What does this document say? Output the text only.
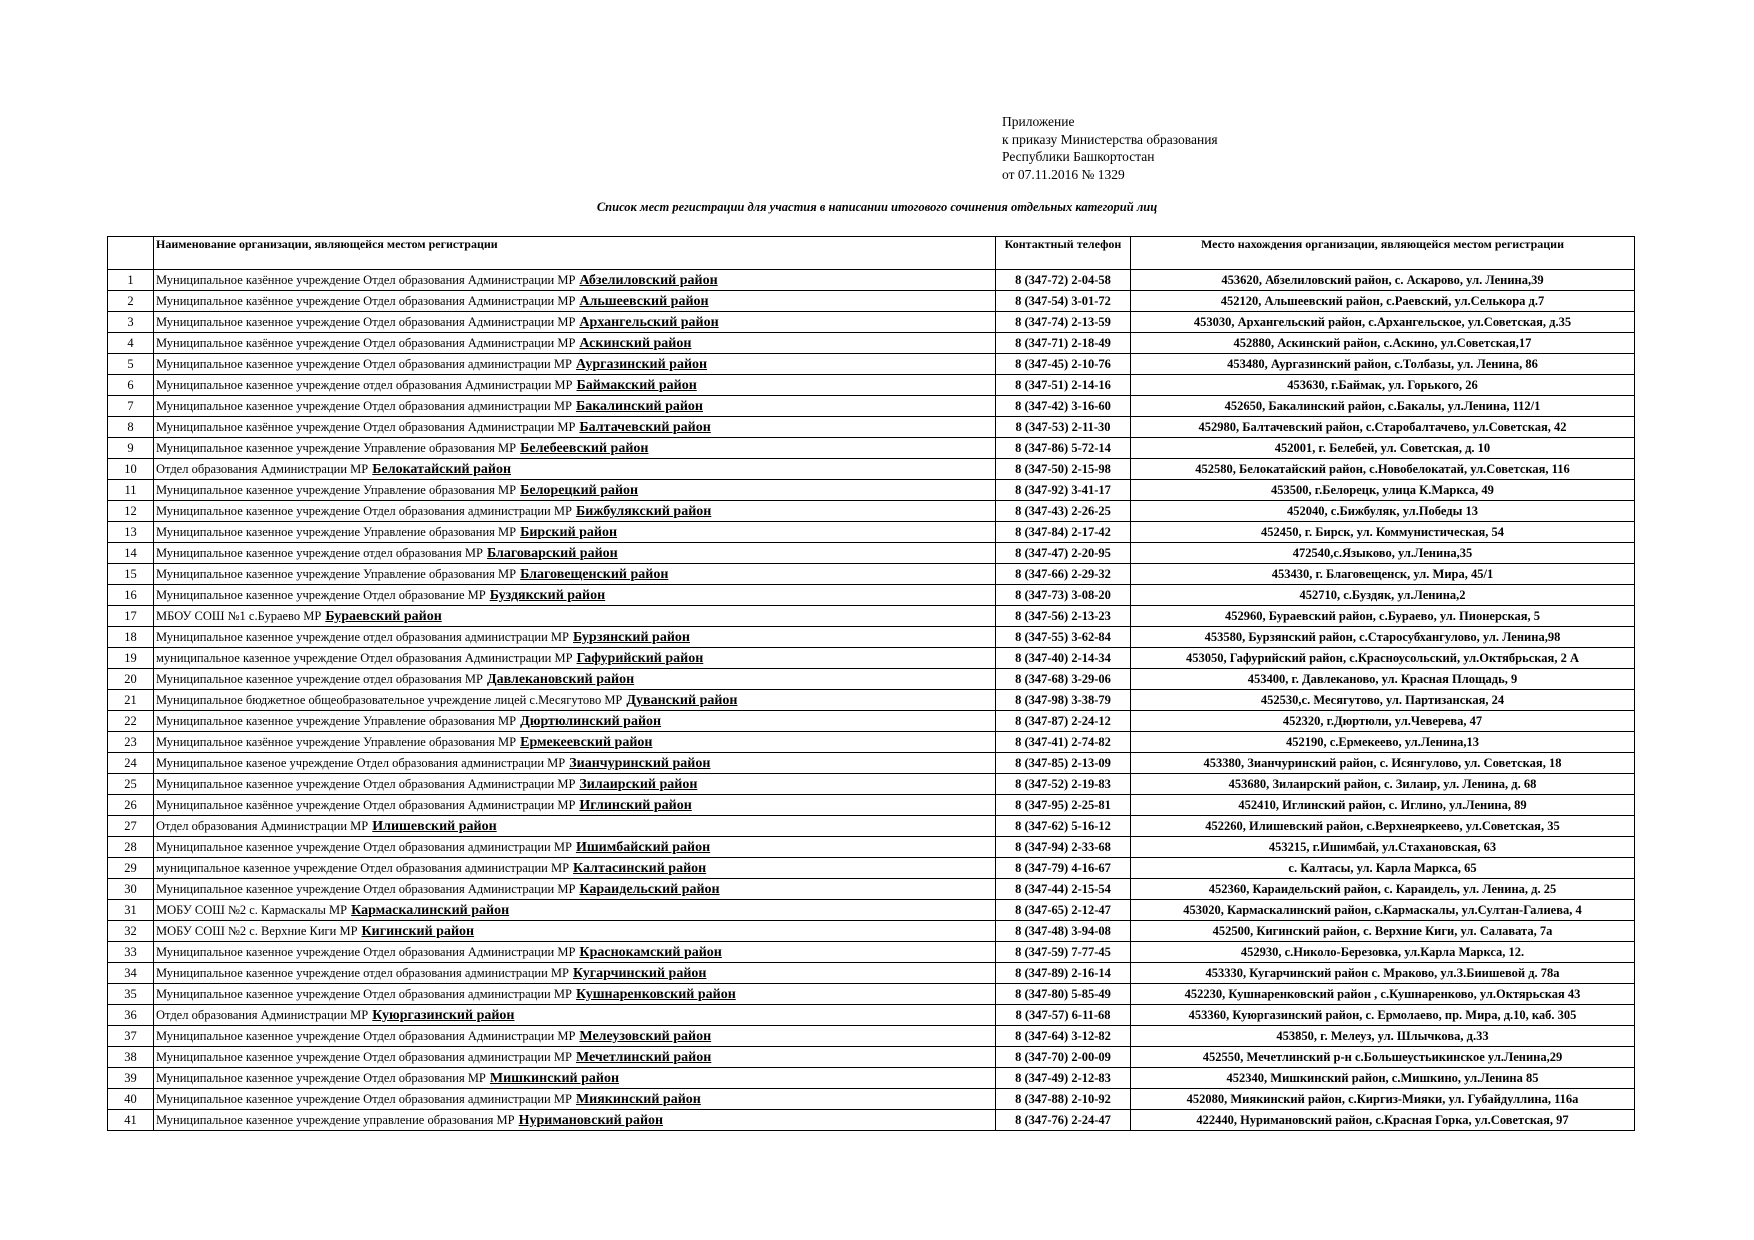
Приложение
к приказу Министерства образования
Республики Башкортостан
от 07.11.2016 № 1329
Список мест регистрации для участия в написании итогового сочинения отдельных категорий лиц
	Наименование организации, являющейся местом регистрации	Контактный телефон	Место нахождения организации, являющейся местом регистрации
1	Муниципальное казённое учреждение Отдел образования Администрации МР Абзелиловский район	8 (347-72) 2-04-58	453620, Абзелиловский район, с. Аскарово, ул. Ленина,39
2	Муниципальное казённое учреждение Отдел образования Администрации МР Альшеевский район	8 (347-54) 3-01-72	452120, Альшеевский район, с.Раевский, ул.Селькора д.7
3	Муниципальное казенное учреждение Отдел образования Администрации МР Архангельский район	8 (347-74) 2-13-59	453030, Архангельский район, с.Архангельское, ул.Советская, д.35
4	Муниципальное казённое учреждение Отдел образования Администрации МР Аскинский район	8 (347-71) 2-18-49	452880, Аскинский район, с.Аскино, ул.Советская,17
5	Муниципальное казенное учреждение Отдел образования администрации МР Аургазинский район	8 (347-45) 2-10-76	453480, Аургазинский район, с.Толбазы, ул. Ленина, 86
6	Муниципальное казенное учреждение отдел образования Администрации МР Баймакский район	8 (347-51) 2-14-16	453630, г.Баймак, ул. Горького, 26
7	Муниципальное казенное учреждение Отдел образования администрации МР Бакалинский район	8 (347-42) 3-16-60	452650, Бакалинский район, с.Бакалы, ул.Ленина, 112/1
8	Муниципальное казённое учреждение Отдел образования Администрации МР Балтачевский район	8 (347-53) 2-11-30	452980, Балтачевский район, с.Старобалтачево, ул.Советская, 42
9	Муниципальное казенное учреждение Управление образования МР Белебеевский район	8 (347-86) 5-72-14	452001, г. Белебей, ул. Советская, д. 10
10	Отдел образования Администрации МР Белокатайский район	8 (347-50) 2-15-98	452580, Белокатайский район, с.Новобелокатай, ул.Советская, 116
11	Муниципальное казенное учреждение Управление образования МР Белорецкий район	8 (347-92) 3-41-17	453500, г.Белорецк, улица К.Маркса, 49
12	Муниципальное казенное учреждение Отдел образования администрации МР Бижбулякский район	8 (347-43) 2-26-25	452040, с.Бижбуляк, ул.Победы 13
13	Муниципальное казенное учреждение Управление образования МР Бирский район	8 (347-84) 2-17-42	452450, г. Бирск, ул. Коммунистическая, 54
14	Муниципальное казенное учреждение отдел образования МР Благоварский район	8 (347-47) 2-20-95	472540,с.Языково, ул.Ленина,35
15	Муниципальное казенное учреждение Управление образования МР Благовещенский район	8 (347-66) 2-29-32	453430, г. Благовещенск, ул. Мира, 45/1
16	Муниципальное казенное учреждение Отдел образование МР Буздякский район	8 (347-73) 3-08-20	452710, с.Буздяк, ул.Ленина,2
17	МБОУ СОШ №1 с.Бураево МР Бураевский район	8 (347-56) 2-13-23	452960, Бураевский район, с.Бураево, ул. Пионерская, 5
18	Муниципальное казенное учреждение отдел образования администрации МР Бурзянский район	8 (347-55) 3-62-84	453580, Бурзянский район, с.Старосубхангулово, ул. Ленина,98
19	муниципальное казенное учреждение Отдел образования Администрации МР Гафурийский район	8 (347-40) 2-14-34	453050, Гафурийский район, с.Красноусольский, ул.Октябрьская, 2 А
20	Муниципальное казенное учреждение отдел образования МР Давлекановский район	8 (347-68) 3-29-06	453400, г. Давлеканово, ул. Красная Площадь, 9
21	Муниципальное бюджетное общеобразовательное учреждение лицей с.Месягутово МР Дуванский район	8 (347-98) 3-38-79	452530,с. Месягутово, ул. Партизанская, 24
22	Муниципальное казенное учреждение Управление образования МР Дюртюлинский район	8 (347-87) 2-24-12	452320, г.Дюртюли, ул.Чеверева, 47
23	Муниципальное казённое учреждение Управление образования МР Ермекеевский район	8 (347-41) 2-74-82	452190, с.Ермекеево, ул.Ленина,13
24	Муниципальное казеное учреждение Отдел образования администрации МР Зианчуринский район	8 (347-85) 2-13-09	453380, Зианчуринский район, с. Исянгулово, ул. Советская, 18
25	Муниципальное казенное учреждение Отдел образования Администрации МР Зилаирский район	8 (347-52) 2-19-83	453680, Зилаирский район, с. Зилаир, ул. Ленина, д. 68
26	Муниципальное казённое учреждение Отдел образования Администрации МР Иглинский район	8 (347-95) 2-25-81	452410, Иглинский район, с. Иглино, ул.Ленина, 89
27	Отдел образования Администрации МР Илишевский район	8 (347-62) 5-16-12	452260, Илишевский район, с.Верхнеяркеево, ул.Советская, 35
28	Муниципальное казенное учреждение Отдел образования администрации МР Ишимбайский район	8 (347-94) 2-33-68	453215, г.Ишимбай, ул.Стахановская, 63
29	муниципальное казенное учреждение Отдел образования администрации МР Калтасинский район	8 (347-79) 4-16-67	с. Калтасы, ул. Карла Маркса, 65
30	Муниципальное казенное учреждение Отдел образования Администрации МР Караидельский район	8 (347-44) 2-15-54	452360, Караидельский район, с. Караидель, ул. Ленина, д. 25
31	МОБУ СОШ №2 с. Кармаскалы МР Кармаскалинский район	8 (347-65) 2-12-47	453020, Кармаскалинский район, с.Кармаскалы, ул.Султан-Галиева, 4
32	МОБУ СОШ №2 с. Верхние Киги МР Кигинский район	8 (347-48) 3-94-08	452500, Кигинский район, с. Верхние Киги, ул. Салавата, 7а
33	Муниципальное казенное учреждение Отдел образования Администрации МР Краснокамский район	8 (347-59) 7-77-45	452930, с.Николо-Березовка, ул.Карла Маркса, 12.
34	Муниципальное казенное учреждение отдел образования администрации МР Кугарчинский район	8 (347-89) 2-16-14	453330, Кугарчинский район с. Мраково, ул.З.Биишевой д. 78а
35	Муниципальное казенное учреждение Отдел образования администрации МР Кушнаренковский район	8 (347-80) 5-85-49	452230, Кушнаренковский район , с.Кушнаренково, ул.Октярьская 43
36	Отдел образования Администрации МР Куюргазинский район	8 (347-57) 6-11-68	453360, Куюргазинский район, с. Ермолаево, пр. Мира, д.10, каб. 305
37	Муниципальное казенное учреждение Отдел образования Администрации МР Мелеузовский район	8 (347-64) 3-12-82	453850, г. Мелеуз, ул. Шлычкова, д.33
38	Муниципальное казенное учреждение Отдел образования администрации МР Мечетлинский район	8 (347-70) 2-00-09	452550, Мечетлинский р-н с.Большеустьикинское ул.Ленина,29
39	Муниципальное казенное учреждение Отдел образования МР Мишкинский район	8 (347-49) 2-12-83	452340, Мишкинский район, с.Мишкино, ул.Ленина 85
40	Муниципальное казенное учреждение Отдел образования администрации МР Миякинский район	8 (347-88) 2-10-92	452080, Миякинский район, с.Киргиз-Мияки, ул. Губайдуллина, 116а
41	Муниципальное казенное учреждение управление образования МР Нуримановский район	8 (347-76) 2-24-47	422440, Нуримановский район, с.Красная Горка, ул.Советская, 97
